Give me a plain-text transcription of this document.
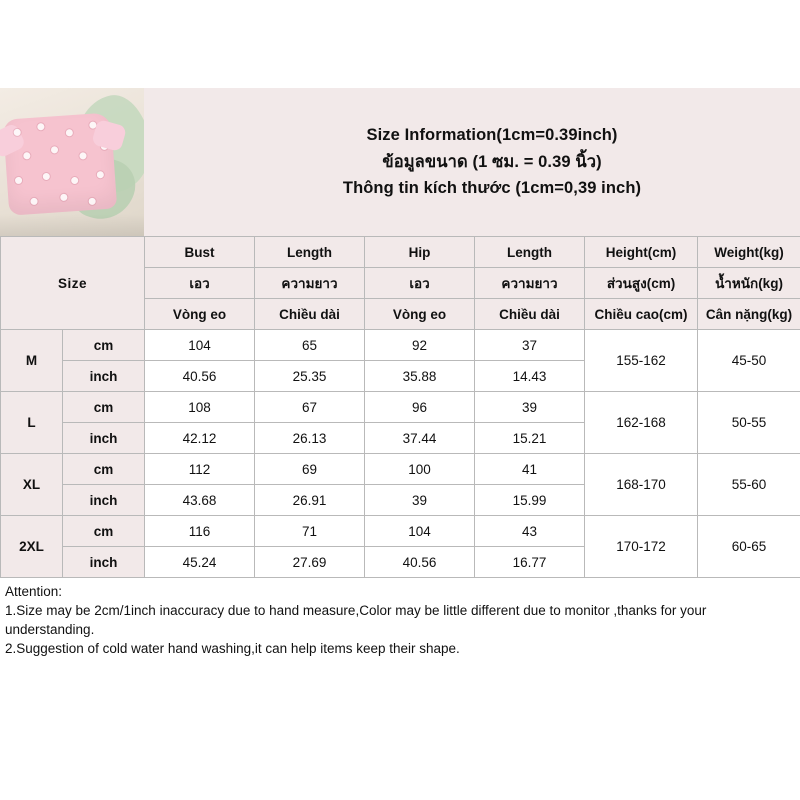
Size Information(1cm=0.39inch)
ข้อมูลขนาด (1 ซม. = 0.39 นิ้ว)
Thông tin kích thước (1cm=0,39 inch)
Size		Bust	Length	Hip	Length	Height(cm)	Weight(kg)
		เอว	ความยาว	เอว	ความยาว	ส่วนสูง(cm)	น้ำหนัก(kg)
		Vòng eo	Chiều dài	Vòng eo	Chiều dài	Chiều cao(cm)	Cân nặng(kg)
M	cm	104	65	92	37	155-162	45-50
	inch	40.56	25.35	35.88	14.43		
L	cm	108	67	96	39	162-168	50-55
	inch	42.12	26.13	37.44	15.21		
XL	cm	112	69	100	41	168-170	55-60
	inch	43.68	26.91	39	15.99		
2XL	cm	116	71	104	43	170-172	60-65
	inch	45.24	27.69	40.56	16.77		

Attention:

1.Size may be 2cm/1inch inaccuracy due to hand measure,Color may be little different due to monitor ,thanks for your

understanding.

2.Suggestion of cold water hand washing,it can help items keep their shape.
